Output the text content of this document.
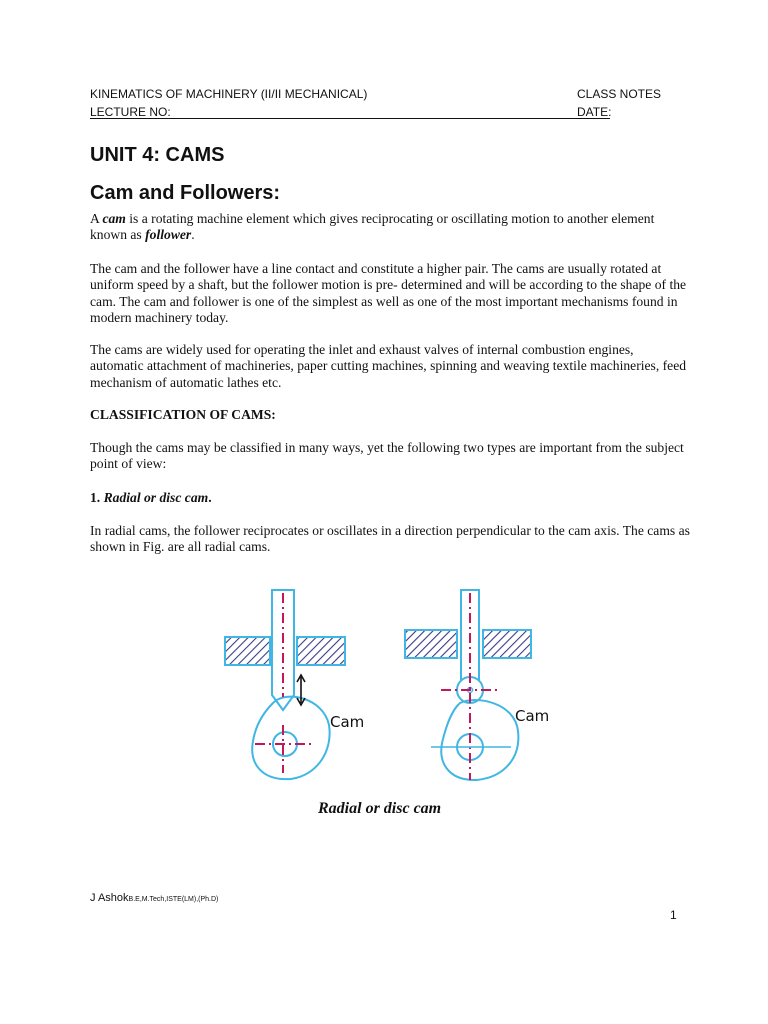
KINEMATICS OF MACHINERY (II/II MECHANICAL)	CLASS NOTES
LECTURE NO:	DATE:
UNIT 4: CAMS
Cam and Followers:

A cam is a rotating machine element which gives reciprocating or oscillating motion to another element known as follower.

The cam and the follower have a line contact and constitute a higher pair. The cams are usually rotated at uniform speed by a shaft, but the follower motion is pre- determined and will be according to the shape of the cam. The cam and follower is one of the simplest as well as one of the most important mechanisms found in modern machinery today.

The cams are widely used for operating the inlet and exhaust valves of internal combustion engines, automatic attachment of machineries, paper cutting machines, spinning and weaving textile machineries, feed mechanism of automatic lathes etc.

CLASSIFICATION OF CAMS:

Though the cams may be classified in many ways, yet the following two types are important from the subject point of view:

1. Radial or disc cam.

In radial cams, the follower reciprocates or oscillates in a direction perpendicular to the cam axis. The cams as shown in Fig. are all radial cams.

Cam	Cam

Radial or disc cam

J AshokB.E,M.Tech,ISTE(LM),(Ph.D)
1
